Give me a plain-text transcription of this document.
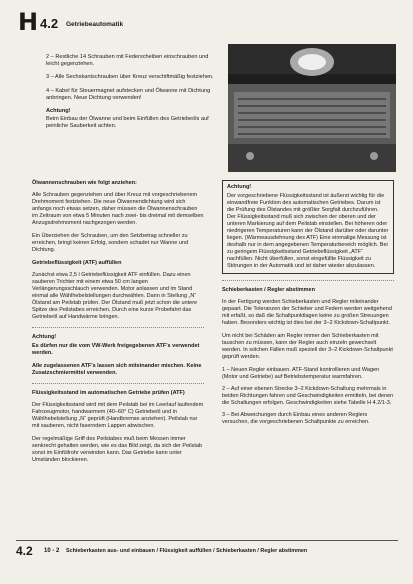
H 4.2 Getriebeautomatik

2 – Restliche 14 Schrauben mit Federscheiben einschrauben und leicht gegenziehen.

3 – Alle Sechskantschrauben über Kreuz verschiftmäßig festziehen.

4 – Kabel für Steuermagnet aufstecken und Ölwanne mit Dichtung anbringen. Neue Dichtung verwenden!

Achtung!

Beim Einbau der Ölwanne und beim Einfüllen des Getriebeöls auf peinliche Sauberkeit achten.

Ölwannenschrauben wie folgt anziehen:

Alle Schrauben gegenziehen und über Kreuz mit vorgeschriebenem Drehmoment festziehen. Die neue Ölwannendichtung wird sich anfangs noch etwas setzen, daher müssen die Ölwannenschrauben im Zeitraum von etwa 5 Minuten nach zwei- bis dreimal mit demselben Anzugsdrehmoment nachgezogen werden.

Ein Überziehen der Schrauben, um den Setzbetrag schneller zu erreichen, bringt keinen Erfolg, sondern schadet nur Wanne und Dichtung.

Getriebeflüssigkeit (ATF) auffüllen

Zunächst etwa 2,5 l Getriebeflüssigkeit ATF einfüllen. Dazu einen sauberen Trichter mit einem etwa 50 cm langen Verlängerungsschlauch verwenden. Motor anlassen und im Stand einmal alle Wählhebelstellungen durchwählen. Dann in Stellung „N“ Ölstand am Peilstab prüfen. Der Ölstand muß jetzt schon die untere Spitze des Peilstabes erreichen. Durch eine kurze Probefahrt das Getriebeöl auf Handwärme bringen.

Achtung!

Es dürfen nur die vom VW-Werk freigegebenen ATF's verwendet werden.

Alle zugelassenen ATF's lassen sich miteinander mischen. Keine Zusatzschmiermittel verwenden.

Flüssigkeitsstand im automatischen Getriebe prüfen (ATF)

Der Flüssigkeitsstand wird mit dem Peilstab bei im Leerlauf laufendem Fahrzeugmotor, handwarmem (40–60° C) Getriebeöl und in Wählhebelstellung „N“ geprüft (Handbremse anziehen). Peilstab nur mit sauberen, nicht faserndem Lappen abwischen.

Der regelmäßige Griff des Peilstabes muß beim Messen immer senkrecht gehalten werden, wie es das Bild zeigt, da sich der Peilstab sonst im Einfüllrohr verwinden kann. Das Getriebe kann unter Umständen blockieren.

Achtung!

Der vorgeschriebene Flüssigkeitsstand ist äußerst wichtig für die einwandfreie Funktion des automatischen Getriebes. Darum ist die Prüfung des Ölstandes mit größter Sorgfalt durchzuführen. Der Flüssigkeitsstand muß sich zwischen der oberen und der unteren Markierung auf dem Peilstab einstellen. Bei höheren oder niedrigeren Temperaturen kann der Ölstand darüber oder darunter liegen. (Wärmeausdehnung des ATF) Eine einmalige Messung ist deshalb nur in dem angegebenen Temperaturbereich möglich. Bei zu geringem Flüssigkeitsstand Getriebeflüssigkeit „ATF“ nachfüllen. Nicht überfüllen, sonst eingefüllte Flüssigkeit zu Störungen in der Automatik und ist daher wieder abzulassen.

Schieberkasten / Regler abstimmen

In der Fertigung werden Schieberkasten und Regler miteinander gepaart. Die Toleranzen der Schieber und Federn werden weitgehend mit erfaßt, so daß die Schaltpunktlagen keine zu großen Streuungen haben. Besonders wichtig ist dies bei der 3–2 Kickdown-Schaltpunkt.

Um nicht bei Schäden am Regler immer den Schieberkasten mit tauschen zu müssen, kann der Regler auch einzeln gewechselt werden. In solchen Fällen muß speziell der 3–2 Kickdown-Schaltpunkt geprüft werden.

1 – Neuen Regler einbauen. ATF-Stand kontrollieren und Wagen (Motor und Getriebe) auf Betriebstemperatur warmfahren.

2 – Auf einer ebenen Strecke 3–2 Kickdown-Schaltung mehrmals in beiden Richtungen fahren und Geschwindigkeiten ermitteln, bei denen die Schaltungen erfolgen. Geschwindigkeiten siehe Tabelle H 4.2/1-3.

3 – Bei Abweichungen durch Einbau eines anderen Reglers versuchen, die vorgeschriebenen Schaltpunkte zu erreichen.

4.2 10 - 2 Schieberkasten aus- und einbauen / Flüssigkeit auffüllen / Schieberkasten / Regler abstimmen
